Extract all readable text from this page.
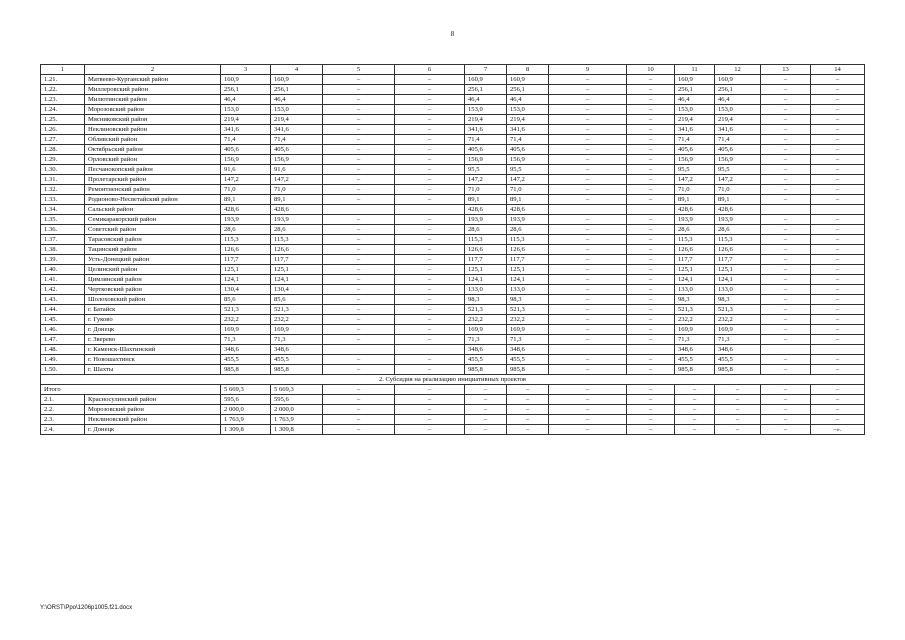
8
1	2	3	4	5	6	7	8	9	10	11	12	13	14
1.21.	Матвеево-Курганский район	160,9	160,9	–	–	160,9	160,9	–	–	160,9	160,9	–	–
1.22.	Миллеровский район	256,1	256,1	–	–	256,1	256,1	–	–	256,1	256,1	–	–
1.23.	Милютинский район	46,4	46,4	–	–	46,4	46,4	–	–	46,4	46,4	–	–
1.24.	Морозовский район	153,0	153,0	–	–	153,0	153,0	–	–	153,0	153,0	–	–
1.25.	Мясниковский район	219,4	219,4	–	–	219,4	219,4	–	–	219,4	219,4	–	–
1.26.	Неклиновский район	341,6	341,6	–	–	341,6	341,6	–	–	341,6	341,6	–	–
1.27.	Обливский район	71,4	71,4	–	–	71,4	71,4	–	–	71,4	71,4	–	–
1.28.	Октябрьский район	405,6	405,6	–	–	405,6	405,6	–	–	405,6	405,6	–	–
1.29.	Орловский район	156,9	156,9	–	–	156,9	156,9	–	–	156,9	156,9	–	–
1.30.	Песчанокопский район	91,6	91,6	–	–	95,5	95,5	–	–	95,5	95,5	–	–
1.31.	Пролетарский район	147,2	147,2	–	–	147,2	147,2	–	–	147,2	147,2	–	–
1.32.	Ремонтненский район	71,0	71,0	–	–	71,0	71,0	–	–	71,0	71,0	–	–
1.33.	Родионово-Несветайский район	89,1	89,1	–	–	89,1	89,1	–	–	89,1	89,1	–	–
1.34.	Сальский район	428,6	428,6			428,6	428,6			428,6	428,6		
1.35.	Семикаракорский район	193,9	193,9	–	–	193,9	193,9	–	–	193,9	193,9	–	–
1.36.	Советский район	28,6	28,6	–	–	28,6	28,6	–	–	28,6	28,6	–	–
1.37.	Тарасовский район	115,3	115,3	–	–	115,3	115,3	–	–	115,3	115,3	–	–
1.38.	Тацинский район	126,6	126,6	–	–	126,6	126,6	–	–	126,6	126,6	–	–
1.39.	Усть-Донецкий район	117,7	117,7	–	–	117,7	117,7	–	–	117,7	117,7	–	–
1.40.	Целинский район	125,1	125,1	–	–	125,1	125,1	–	–	125,1	125,1	–	–
1.41.	Цимлянский район	124,1	124,1	–	–	124,1	124,1	–	–	124,1	124,1	–	–
1.42.	Чертковский район	130,4	130,4	–	–	133,0	133,0	–	–	133,0	133,0	–	–
1.43.	Шолоховский район	85,6	85,6	–	–	98,3	98,3	–	–	98,3	98,3	–	–
1.44.	г. Батайск	521,3	521,3	–	–	521,3	521,3	–	–	521,3	521,3	–	–
1.45.	г. Гуково	232,2	232,2	–	–	232,2	232,2	–	–	232,2	232,2	–	–
1.46.	г. Донецк	169,9	169,9	–	–	169,9	169,9	–	–	169,9	169,9	–	–
1.47.	г. Зверево	71,3	71,3	–	–	71,3	71,3	–	–	71,3	71,3	–	–
1.48.	г. Каменск-Шахтинский	348,6	348,6			348,6	348,6			348,6	348,6		
1.49.	г. Новошахтинск	455,5	455,5	–	–	455,5	455,5	–	–	455,5	455,5	–	–
1.50.	г. Шахты	985,8	985,8	–	–	985,8	985,8	–	–	985,8	985,8	–	–
2. Субсидия на реализацию инициативных проектов													
Итого		5 669,3	5 669,3	–	–	–	–	–	–	–	–	–	–
2.1.	Красносулинский район	595,6	595,6	–	–	–	–	–	–	–	–	–	–
2.2.	Морозовский район	2 000,0	2 000,0	–	–	–	–	–	–	–	–	–	–
2.3.	Неклиновский район	1 763,9	1 763,9	–	–	–	–	–	–	–	–	–	–
2.4.	г. Донецк	1 309,8	1 309,8	–	–	–	–	–	–	–	–	–	–».
Y:\ORST\Ppo\1206p1005.f21.docx
